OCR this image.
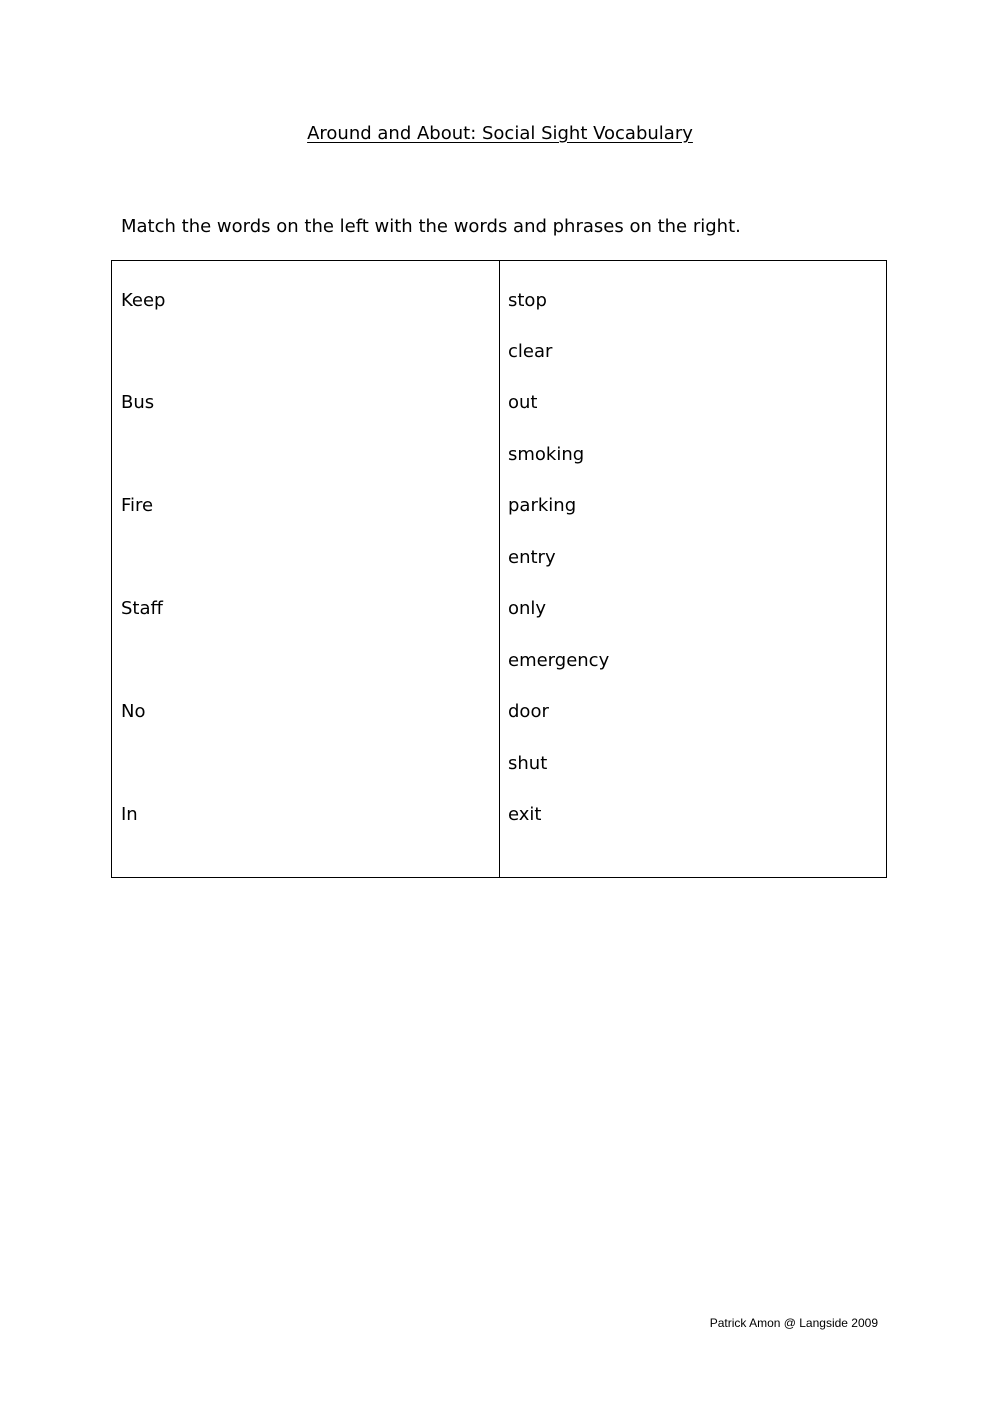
Around and About: Social Sight Vocabulary
Match the words on the left with the words and phrases on the right.
Keep
Bus
Fire
Staff
No
In
stop
clear
out
smoking
parking
entry
only
emergency
door
shut
exit
Patrick Amon @ Langside 2009
